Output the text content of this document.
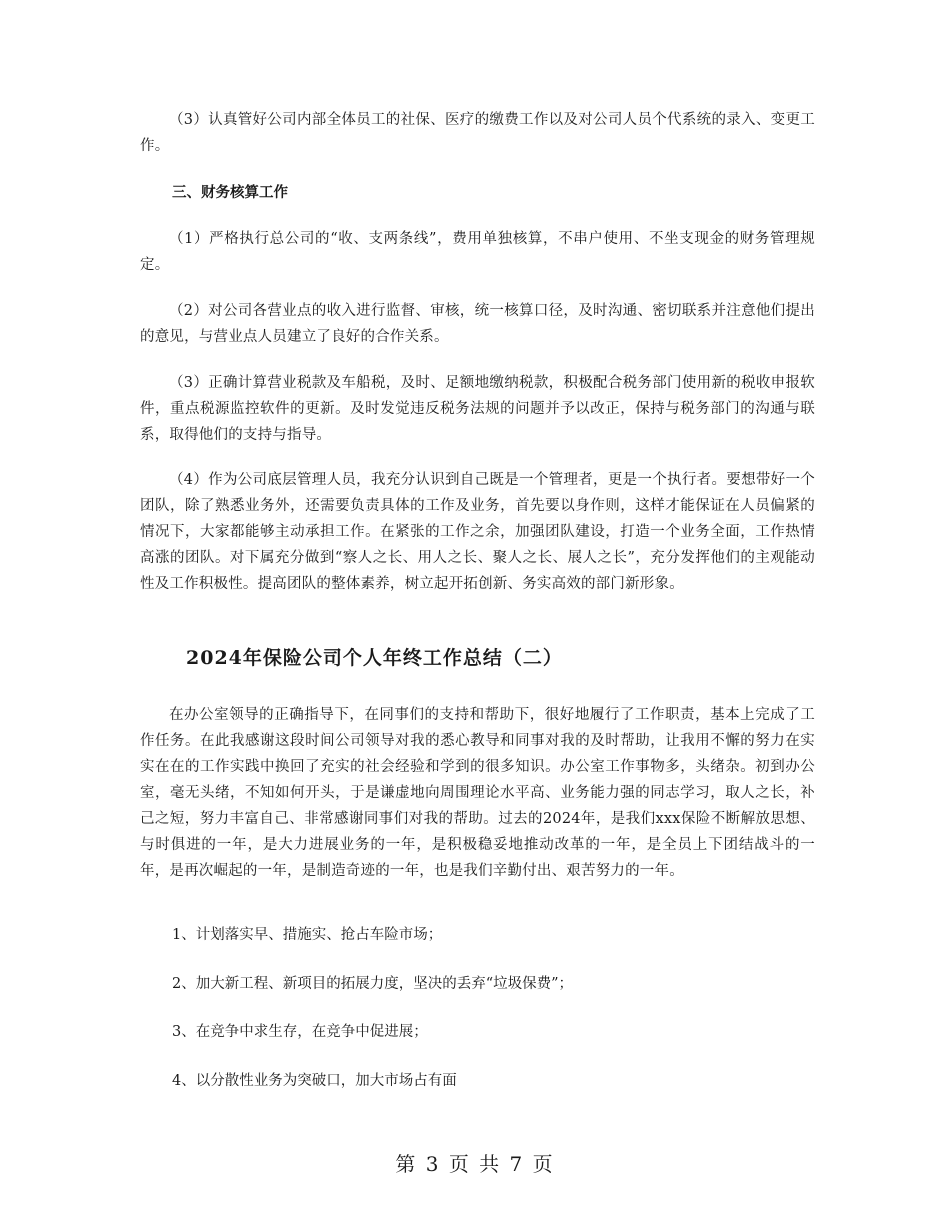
（3）认真管好公司内部全体员工的社保、医疗的缴费工作以及对公司人员个代系统的录入、变更工作。

三、财务核算工作

（1）严格执行总公司的“收、支两条线”，费用单独核算，不串户使用、不坐支现金的财务管理规定。

（2）对公司各营业点的收入进行监督、审核，统一核算口径，及时沟通、密切联系并注意他们提出的意见，与营业点人员建立了良好的合作关系。

（3）正确计算营业税款及车船税，及时、足额地缴纳税款，积极配合税务部门使用新的税收申报软件，重点税源监控软件的更新。及时发觉违反税务法规的问题并予以改正，保持与税务部门的沟通与联系，取得他们的支持与指导。

（4）作为公司底层管理人员，我充分认识到自己既是一个管理者，更是一个执行者。要想带好一个团队，除了熟悉业务外，还需要负责具体的工作及业务，首先要以身作则，这样才能保证在人员偏紧的情况下，大家都能够主动承担工作。在紧张的工作之余，加强团队建设，打造一个业务全面，工作热情高涨的团队。对下属充分做到“察人之长、用人之长、聚人之长、展人之长”，充分发挥他们的主观能动性及工作积极性。提高团队的整体素养，树立起开拓创新、务实高效的部门新形象。

2024年保险公司个人年终工作总结（二）

在办公室领导的正确指导下，在同事们的支持和帮助下，很好地履行了工作职责，基本上完成了工作任务。在此我感谢这段时间公司领导对我的悉心教导和同事对我的及时帮助，让我用不懈的努力在实实在在的工作实践中换回了充实的社会经验和学到的很多知识。办公室工作事物多，头绪杂。初到办公室，毫无头绪，不知如何开头，于是谦虚地向周围理论水平高、业务能力强的同志学习，取人之长，补己之短，努力丰富自己、非常感谢同事们对我的帮助。过去的2024年，是我们xxx保险不断解放思想、与时俱进的一年，是大力进展业务的一年，是积极稳妥地推动改革的一年，是全员上下团结战斗的一年，是再次崛起的一年，是制造奇迹的一年，也是我们辛勤付出、艰苦努力的一年。

1、计划落实早、措施实、抢占车险市场；

2、加大新工程、新项目的拓展力度，坚决的丢弃“垃圾保费”；

3、在竞争中求生存，在竞争中促进展；

4、以分散性业务为突破口，加大市场占有面

第 3 页 共 7 页
